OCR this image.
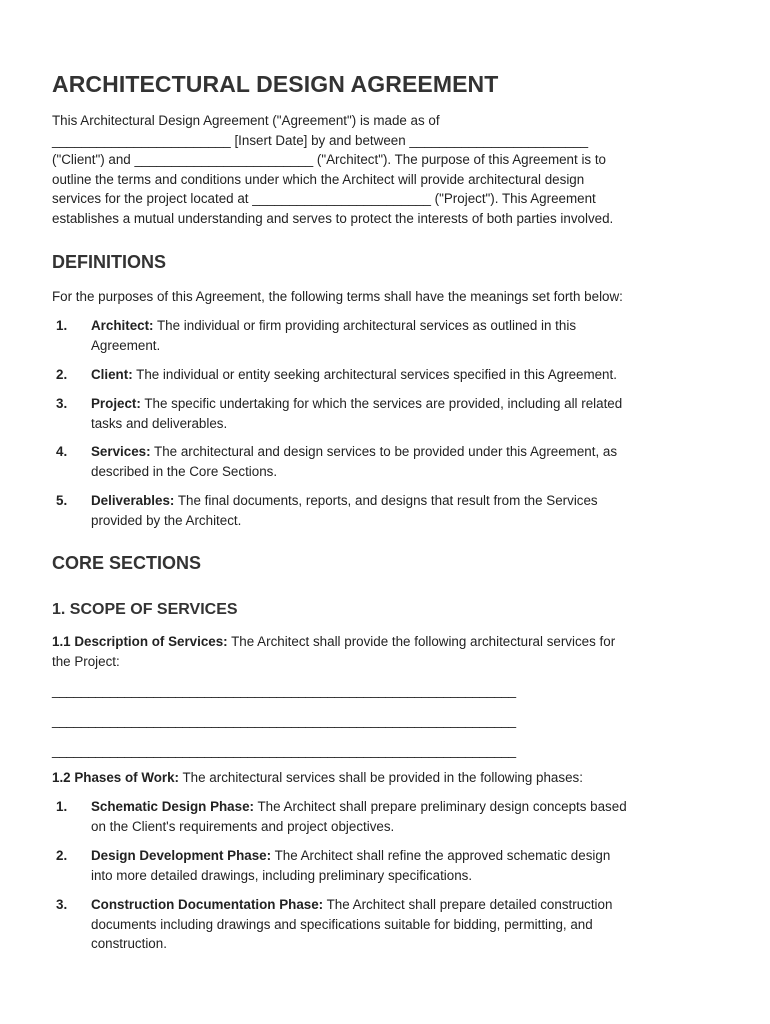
ARCHITECTURAL DESIGN AGREEMENT

This Architectural Design Agreement ("Agreement") is made as of
________________________ [Insert Date] by and between ________________________
("Client") and ________________________ ("Architect"). The purpose of this Agreement is to
outline the terms and conditions under which the Architect will provide architectural design
services for the project located at ________________________ ("Project"). This Agreement
establishes a mutual understanding and serves to protect the interests of both parties involved.

DEFINITIONS

For the purposes of this Agreement, the following terms shall have the meanings set forth below:

1. Architect: The individual or firm providing architectural services as outlined in this
Agreement.
2. Client: The individual or entity seeking architectural services specified in this Agreement.
3. Project: The specific undertaking for which the services are provided, including all related
tasks and deliverables.
4. Services: The architectural and design services to be provided under this Agreement, as
described in the Core Sections.
5. Deliverables: The final documents, reports, and designs that result from the Services
provided by the Architect.
CORE SECTIONS
1. SCOPE OF SERVICES

1.1 Description of Services: The Architect shall provide the following architectural services for
the Project:

________________________________________________________________
________________________________________________________________
________________________________________________________________

1.2 Phases of Work: The architectural services shall be provided in the following phases:

1. Schematic Design Phase: The Architect shall prepare preliminary design concepts based
on the Client's requirements and project objectives.
2. Design Development Phase: The Architect shall refine the approved schematic design
into more detailed drawings, including preliminary specifications.
3. Construction Documentation Phase: The Architect shall prepare detailed construction
documents including drawings and specifications suitable for bidding, permitting, and
construction.
